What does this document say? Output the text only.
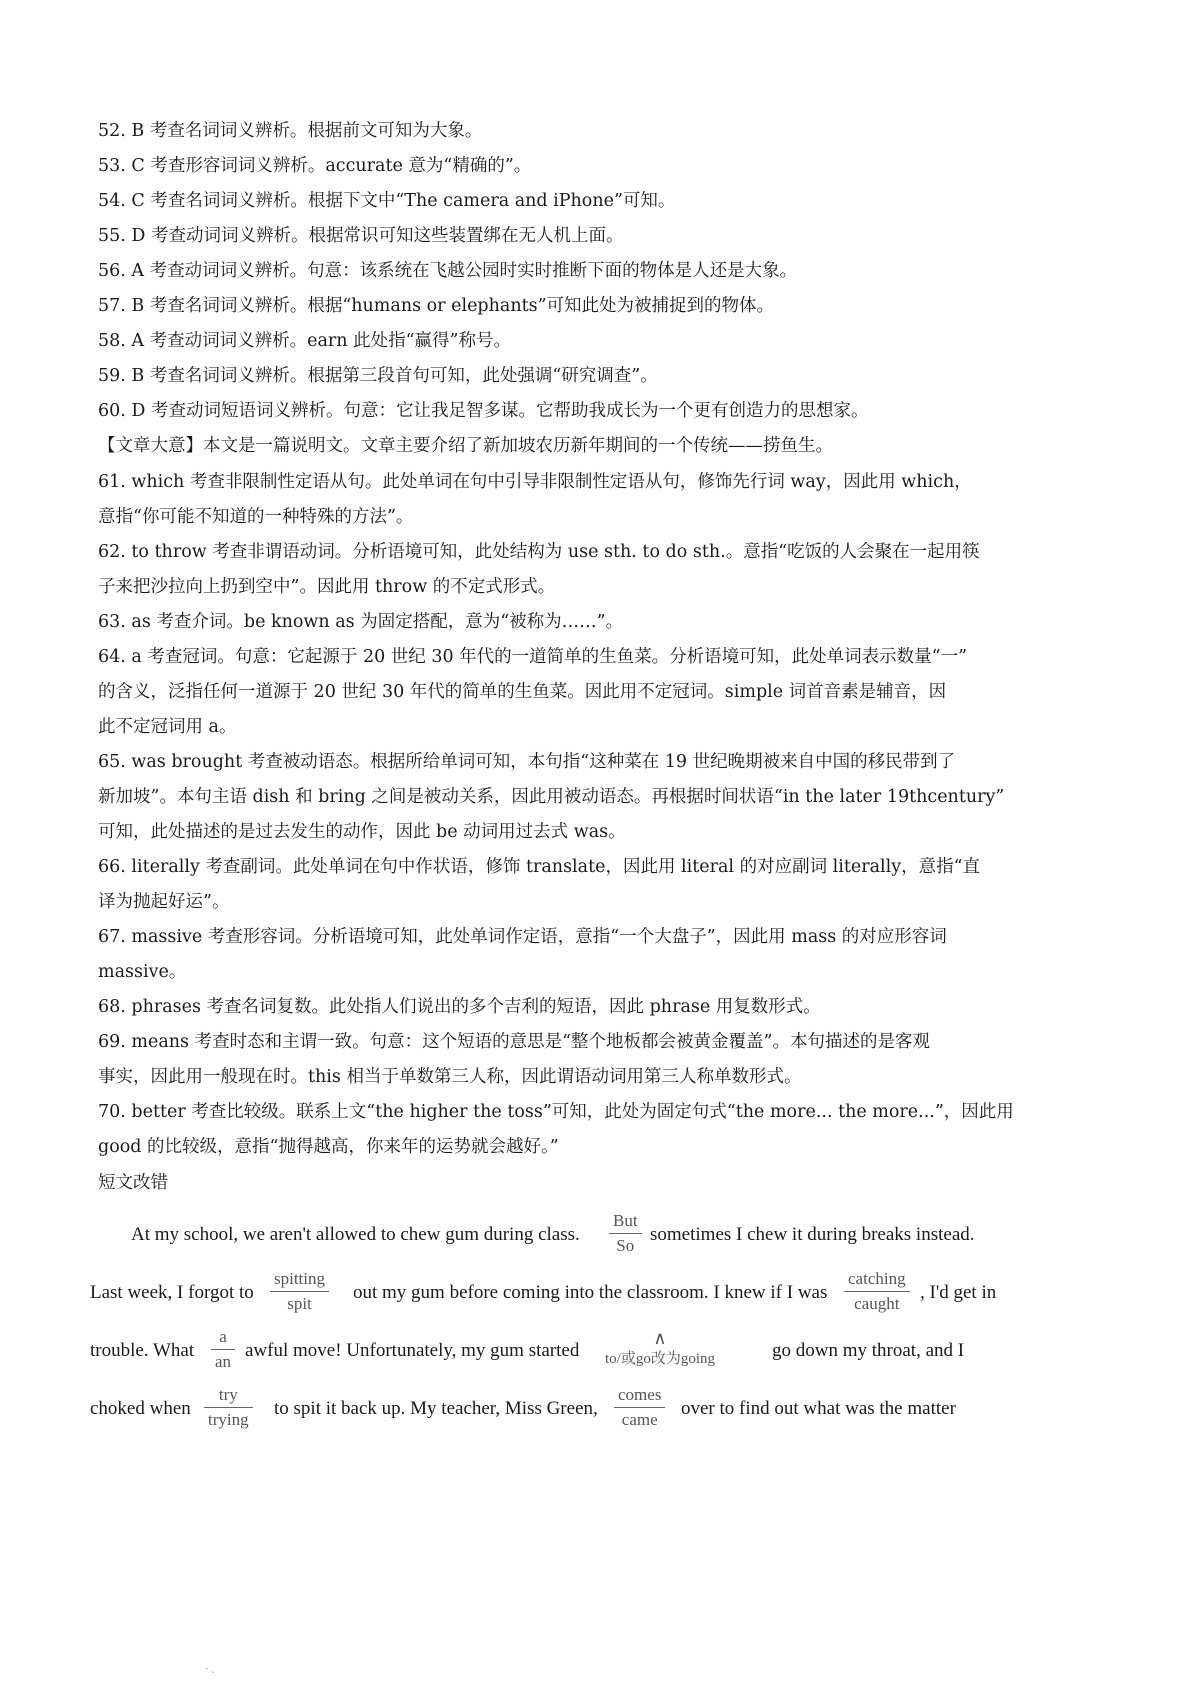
52. B 考查名词词义辨析。根据前文可知为大象。
53. C 考查形容词词义辨析。accurate 意为“精确的”。
54. C 考查名词词义辨析。根据下文中“The camera and iPhone”可知。
55. D 考查动词词义辨析。根据常识可知这些装置绑在无人机上面。
56. A 考查动词词义辨析。句意：该系统在飞越公园时实时推断下面的物体是人还是大象。
57. B 考查名词词义辨析。根据“humans or elephants”可知此处为被捕捉到的物体。
58. A 考查动词词义辨析。earn 此处指“赢得”称号。
59. B 考查名词词义辨析。根据第三段首句可知，此处强调“研究调查”。
60. D 考查动词短语词义辨析。句意：它让我足智多谋。它帮助我成长为一个更有创造力的思想家。
【文章大意】本文是一篇说明文。文章主要介绍了新加坡农历新年期间的一个传统——捞鱼生。
61. which 考查非限制性定语从句。此处单词在句中引导非限制性定语从句，修饰先行词 way，因此用 which，
意指“你可能不知道的一种特殊的方法”。
62. to throw 考查非谓语动词。分析语境可知，此处结构为 use sth. to do sth.。意指“吃饭的人会聚在一起用筷
子来把沙拉向上扔到空中”。因此用 throw 的不定式形式。
63. as 考查介词。be known as 为固定搭配，意为“被称为……”。
64. a 考查冠词。句意：它起源于 20 世纪 30 年代的一道简单的生鱼菜。分析语境可知，此处单词表示数量“一”
的含义，泛指任何一道源于 20 世纪 30 年代的简单的生鱼菜。因此用不定冠词。simple 词首音素是辅音，因
此不定冠词用 a。
65. was brought 考查被动语态。根据所给单词可知，本句指“这种菜在 19 世纪晚期被来自中国的移民带到了
新加坡”。本句主语 dish 和 bring 之间是被动关系，因此用被动语态。再根据时间状语“in the later 19thcentury”
可知，此处描述的是过去发生的动作，因此 be 动词用过去式 was。
66. literally 考查副词。此处单词在句中作状语，修饰 translate，因此用 literal 的对应副词 literally，意指“直
译为抛起好运”。
67. massive 考查形容词。分析语境可知，此处单词作定语，意指“一个大盘子”，因此用 mass 的对应形容词
massive。
68. phrases 考查名词复数。此处指人们说出的多个吉利的短语，因此 phrase 用复数形式。
69. means 考查时态和主谓一致。句意：这个短语的意思是“整个地板都会被黄金覆盖”。本句描述的是客观
事实，因此用一般现在时。this 相当于单数第三人称，因此谓语动词用第三人称单数形式。
70. better 考查比较级。联系上文“the higher the toss”可知，此处为固定句式“the more... the more...”，因此用
good 的比较级，意指“抛得越高，你来年的运势就会越好。”
短文改错
At my school, we aren't allowed to chew gum during class.
But
So sometimes I chew it during breaks instead.
Last week, I forgot to
spitting
spit out my gum before coming into the classroom. I knew if I was
catching
caught , I'd get in
trouble. What
a
an awful move! Unfortunately, my gum started
∧
to/或go改为going	go down my throat, and I
choked when
try
trying to spit it back up. My teacher, Miss Green,
comes
came over to find out what was the matter
·.
